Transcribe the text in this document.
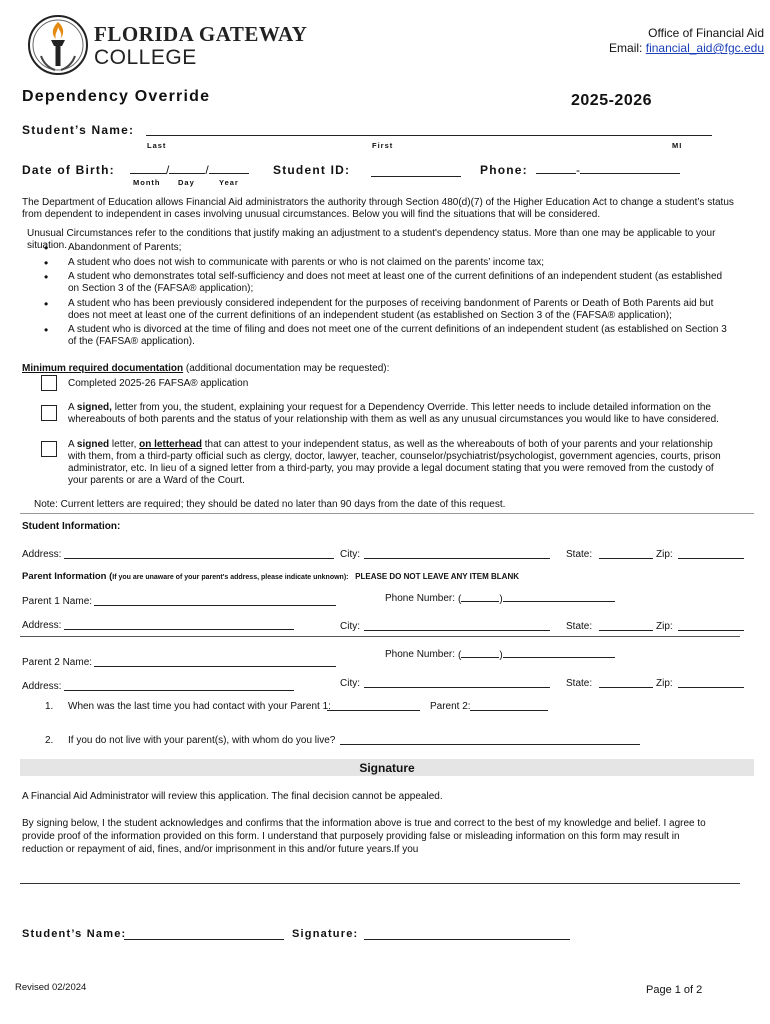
FLORIDA GATEWAY
COLLEGE
Office of Financial Aid
Email: financial_aid@fgc.edu
Dependency Override	2025-2026
Student’s Name:
Last	First	MI
Date of Birth:	/	/
Month Day	Year
Student ID:	Phone:	-
The Department of Education allows Financial Aid administrators the authority through Section 480(d)(7) of the Higher Education Act to change a student’s status from dependent to independent in cases involving unusual circumstances. Below you will find the situations that will be considered.
Unusual Circumstances refer to the conditions that justify making an adjustment to a student's dependency status. More than one may be applicable to your situation.
• Abandonment of Parents;
• A student who does not wish to communicate with parents or who is not claimed on the parents’ income tax;
• A student who demonstrates total self-sufficiency and does not meet at least one of the current definitions of an independent student (as established on Section 3 of the (FAFSA® application);
• A student who has been previously considered independent for the purposes of receiving bandonment of Parents or Death of Both Parents aid but does not meet at least one of the current definitions of an independent student (as established on Section 3 of the (FAFSA® application);
• A student who is divorced at the time of filing and does not meet one of the current definitions of an independent student (as established on Section 3 of the (FAFSA® application).
Minimum required documentation (additional documentation may be requested):
Completed 2025-26 FAFSA® application
A signed, letter from you, the student, explaining your request for a Dependency Override. This letter needs to include detailed information on the whereabouts of both parents and the status of your relationship with them as well as any unusual circumstances you would like to have considered.
A signed letter, on letterhead that can attest to your independent status, as well as the whereabouts of both of your parents and your relationship with them, from a third-party official such as clergy, doctor, lawyer, teacher, counselor/psychiatrist/psychologist, government agencies, courts, prison administrator, etc. In lieu of a signed letter from a third-party, you may provide a legal document stating that you were removed from the custody of your parents or are a Ward of the Court.
Note: Current letters are required; they should be dated no later than 90 days from the date of this request.
Student Information:
Address:	City:	State:	Zip:
Parent Information (If you are unaware of your parent's address, please indicate unknown): PLEASE DO NOT LEAVE ANY ITEM BLANK
Phone Number: (	)
Parent 1 Name:
Address:	City:	State:	Zip:
Phone Number: (	)
Parent 2 Name:
Address:	City:	State:	Zip:
1. When was the last time you had contact with your Parent 1:	Parent 2:
2. If you do not live with your parent(s), with whom do you live?
Signature
A Financial Aid Administrator will review this application. The final decision cannot be appealed.
By signing below, I the student acknowledges and confirms that the information above is true and correct to the best of my knowledge and belief. I agree to provide proof of the information provided on this form. I understand that purposely providing false or misleading information on this form may result in reduction or repayment of aid, fines, and/or imprisonment in this and/or future years.If you
Student’s Name:	Signature:
Revised 02/2024	Page 1 of 2
